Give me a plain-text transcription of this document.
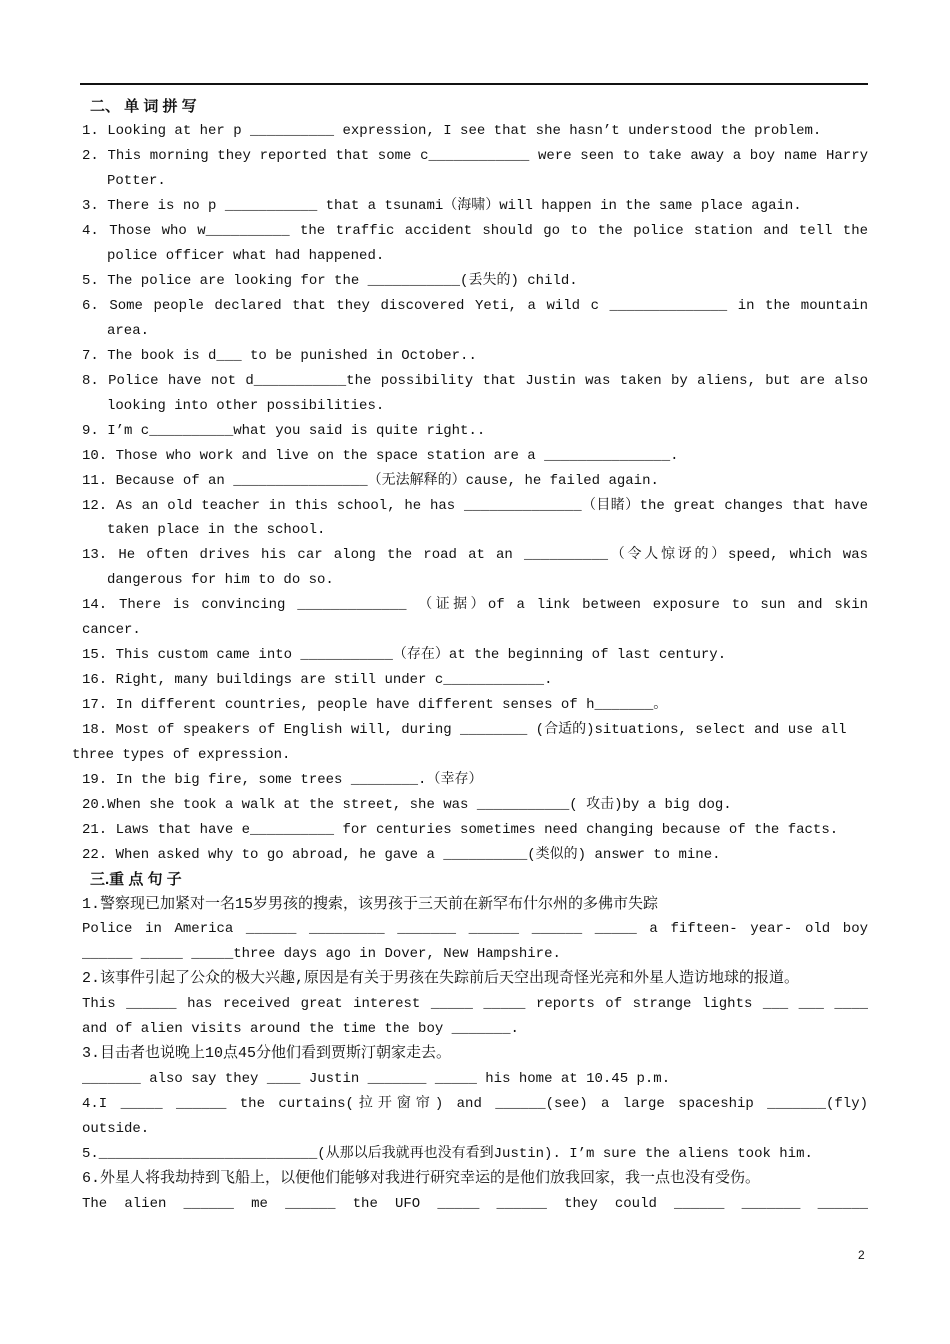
二、 单 词 拼 写
1. Looking at her p __________ expression, I see that she hasn’t understood the problem.
2. This morning they reported that some c____________ were seen to take away a boy name Harry
Potter.
3. There is no p ___________ that a tsunami（海啸）will happen in the same place again.
4. Those who w__________ the traffic accident should go to the police station and tell the
police officer what had happened.
5. The police are looking for the ___________(丢失的) child.
6. Some people declared that they discovered Yeti, a wild c ______________ in the mountain
area.
7. The book is d___ to be punished in October..
8. Police have not d___________the possibility that Justin was taken by aliens, but are also
looking into other possibilities.
9. I’m c__________what you said is quite right..
10. Those who work and live on the space station are a _______________.
11. Because of an ________________（无法解释的）cause, he failed again.
12. As an old teacher in this school, he has ______________（目睹）the great changes that have
taken place in the school.
13. He often drives his car along the road at an __________（令人惊讶的）speed, which was
dangerous for him to do so.
14. There is convincing _____________ （证据）of a link between exposure to sun and skin
cancer.
15. This custom came into ___________（存在）at the beginning of last century.
16. Right, many buildings are still under c____________.
17. In different countries, people have different senses of h_______。
18. Most of speakers of English will, during ________ (合适的)situations, select and use all
three types of expression.
19. In the big fire, some trees ________.（幸存）
20.When she took a walk at the street, she was ___________( 攻击)by a big dog.
21. Laws that have e__________ for centuries sometimes need changing because of the facts.
22. When asked why to go abroad, he gave a __________(类似的) answer to mine.
三.重 点 句 子
1.警察现已加紧对一名15岁男孩的搜索，该男孩于三天前在新罕布什尔州的多佛市失踪
Police in America ______ _________ _______ ______ ______ _____ a fifteen- year- old boy
______ _____ _____three days ago in Dover, New Hampshire.
2.该事件引起了公众的极大兴趣,原因是有关于男孩在失踪前后天空出现奇怪光亮和外星人造访地球的报道。
This ______ has received great interest _____ _____ reports of strange lights ___ ___ ____
and of alien visits around the time the boy _______.
3.目击者也说晚上10点45分他们看到贾斯汀朝家走去。
_______ also say they ____ Justin _______ _____ his home at 10.45 p.m.
4.I _____ ______ the curtains(拉开窗帘) and ______(see) a large spaceship _______(fly)
outside.
5.__________________________(从那以后我就再也没有看到Justin). I’m sure the aliens took him.
6.外星人将我劫持到飞船上，以便他们能够对我进行研究幸运的是他们放我回家，我一点也没有受伤。
The alien ______ me ______ the UFO _____ ______ they could ______ _______ ______
2
